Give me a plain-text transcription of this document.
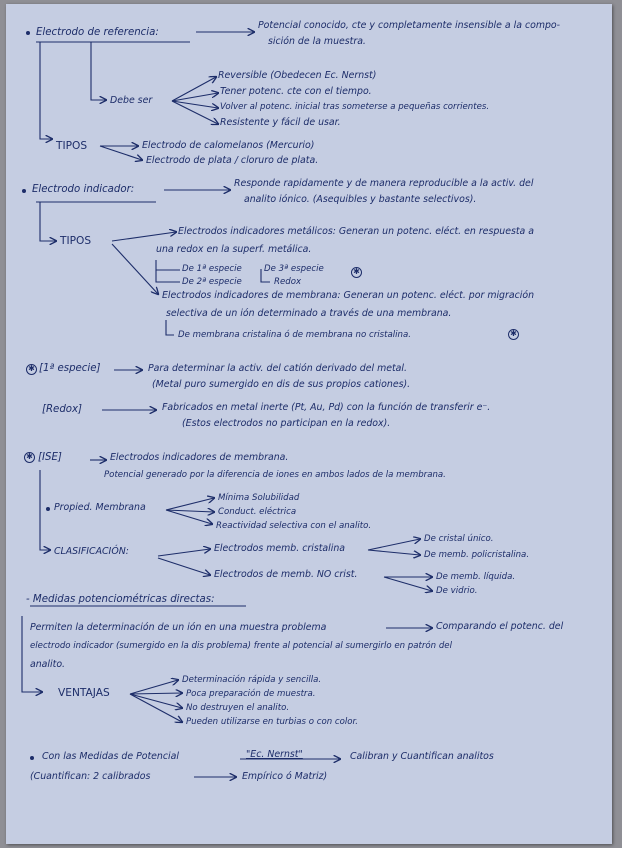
Electrodo de referencia:
Potencial conocido, cte y completamente insensible a la compo-
sición de la muestra.
Debe ser
Reversible (Obedecen Ec. Nernst)
Tener potenc. cte con el tiempo.
Volver al potenc. inicial tras someterse a pequeñas corrientes.
Resistente y fácil de usar.
TIPOS	Electrodo de calomelanos (Mercurio)
Electrodo de plata / cloruro de plata.
Electrodo indicador:
Responde rapidamente y de manera reproducible a la activ. del
analito iónico. (Asequibles y bastante selectivos).
TIPOS
Electrodos indicadores metálicos: Generan un potenc. eléct. en respuesta a
una redox en la superf. metálica.
De 1ª especie	De 3ª especie
De 2ª especie	Redox
✱
Electrodos indicadores de membrana: Generan un potenc. eléct. por migración
selectiva de un ión determinado a través de una membrana.
De membrana cristalina ó de membrana no cristalina.	✱
✱ [1ª especie]	Para determinar la activ. del catión derivado del metal.
(Metal puro sumergido en dis de sus propios cationes).
[Redox]	Fabricados en metal inerte (Pt, Au, Pd) con la función de transferir e⁻.
(Estos electrodos no participan en la redox).
✱ [ISE]	Electrodos indicadores de membrana.
Potencial generado por la diferencia de iones en ambos lados de la membrana.
Propied. Membrana
Mínima Solubilidad
Conduct. eléctrica
Reactividad selectiva con el analito.
CLASIFICACIÓN:	Electrodos memb. cristalina
De cristal único.
De memb. policristalina.
Electrodos de memb. NO crist.	De memb. líquida.
De vidrio.
- Medidas potenciométricas directas:
Permiten la determinación de un ión en una muestra problema	Comparando el potenc. del
electrodo indicador (sumergido en la dis problema) frente al potencial al sumergirlo en patrón del
analito.
VENTAJAS
Determinación rápida y sencilla.
Poca preparación de muestra.
No destruyen el analito.
Pueden utilizarse en turbias o con color.
Con las Medidas de Potencial	"Ec. Nernst"	Calibran y Cuantifican analitos
(Cuantifican: 2 calibrados	Empírico ó Matriz)
